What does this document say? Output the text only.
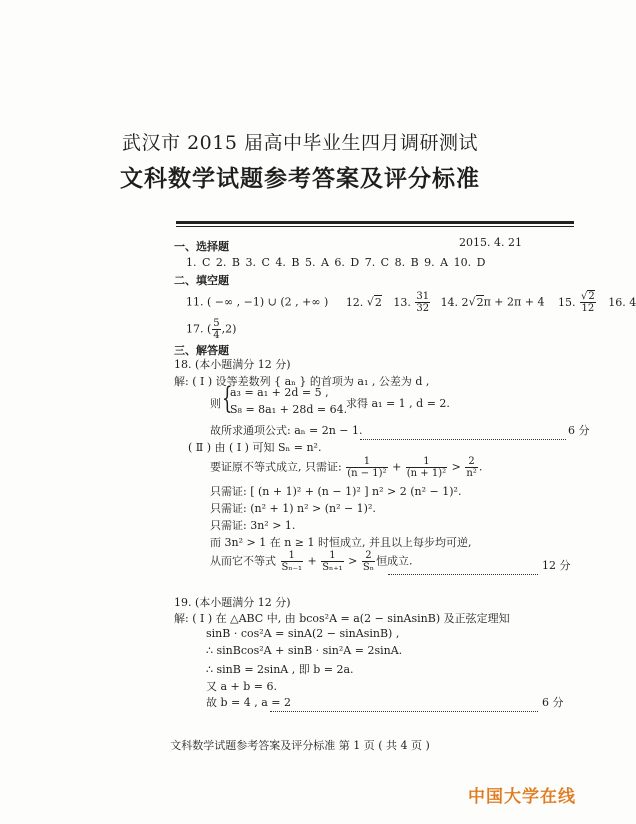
武汉市 2015 届高中毕业生四月调研测试
文科数学试题参考答案及评分标准
2015. 4. 21
一、选择题
1. C 2. B 3. C 4. B 5. A 6. D 7. C 8. B 9. A 10. D
二、填空题
11. ( −∞ , −1) ∪ (2 , +∞ ) 12. √2 13. $\frac{31}{32} 14$. 2√2π + 2π + 4 15. $\frac{√2}{12} 16$. 4
17. ( $\frac{5}{4} ,2$)
三、解答题
18. (本小题满分 12 分)
解: ( Ⅰ ) 设等差数列 { aₙ } 的首项为 a₁ , 公差为 d ,
则 {
a₃ = a₁ + 2d = 5 ,
S₈ = 8a₁ + 28d = 64.
求得 a₁ = 1 , d = 2.
故所求通项公式: aₙ = 2n − 1.	6 分
( Ⅱ ) 由 ( Ⅰ ) 可知 Sₙ = n².
要证原不等式成立, 只需证: $\frac{1}{\text{(n − 1)²}} + \frac{1}{\text{(n + 1)²}} > \frac{2}{\text{n²}}$ .
只需证: [ (n + 1)² + (n − 1)² ] n² > 2 (n² − 1)².
只需证: (n² + 1) n² > (n² − 1)².
只需证: 3n² > 1.
而 3n² > 1 在 n ≥ 1 时恒成立, 并且以上每步均可逆,
从而它不等式 $\frac{1}{\text{Sₙ₋₁}} + \frac{1}{\text{Sₙ₊₁}} > \frac{2}{\text{Sₙ}}$ 恒成立.	12 分
19. (本小题满分 12 分)
解: ( Ⅰ ) 在 △ABC 中, 由 bcos²A = a(2 − sinAsinB) 及正弦定理知
sinB · cos²A = sinA(2 − sinAsinB) ,
∴ sinBcos²A + sinB · sin²A = 2sinA.
∴ sinB = 2sinA , 即 b = 2a.
又 a + b = 6.
故 b = 4 , a = 2	6 分
文科数学试题参考答案及评分标准 第 1 页 ( 共 4 页 )
中国大学在线
